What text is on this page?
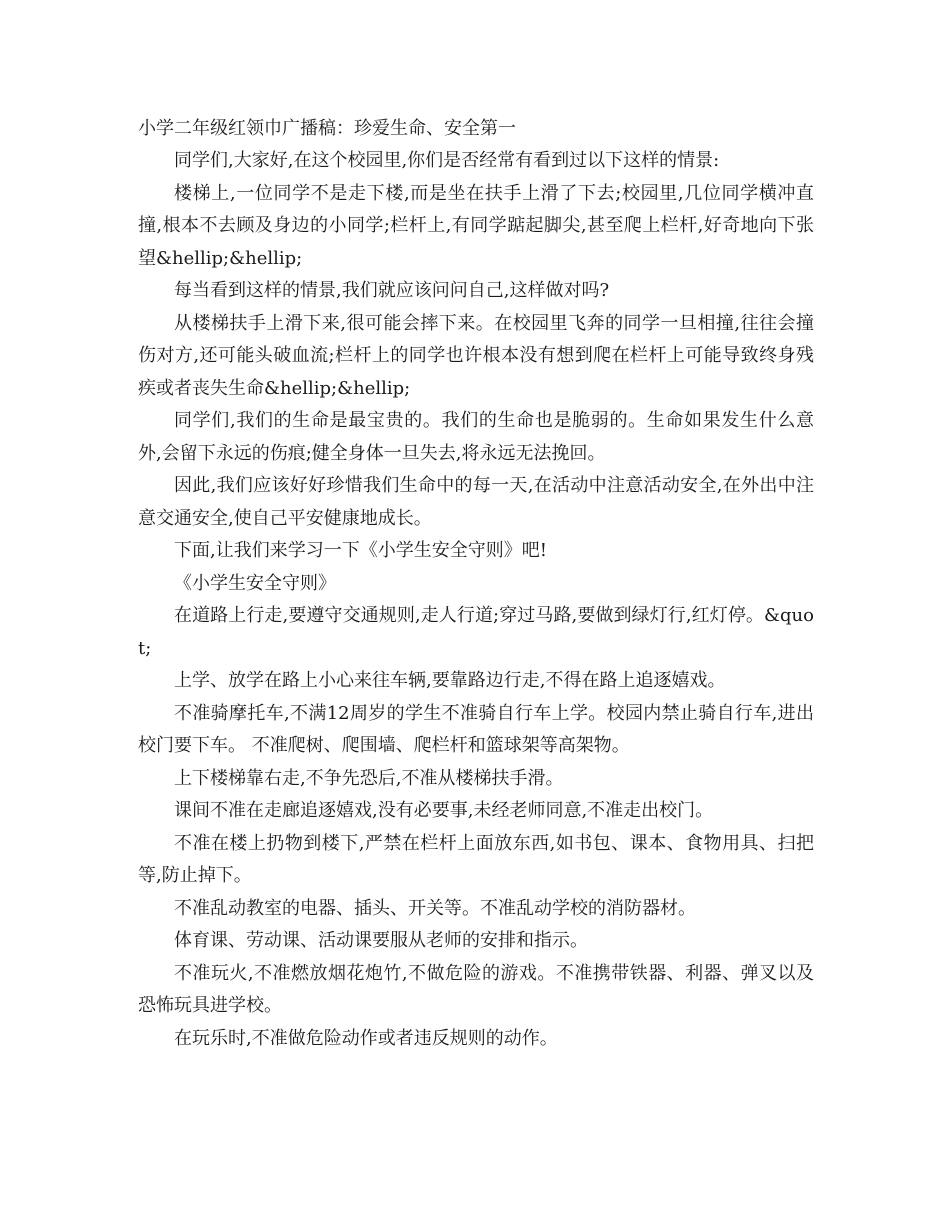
小学二年级红领巾广播稿：珍爱生命、安全第一

同学们,大家好,在这个校园里,你们是否经常有看到过以下这样的情景:

楼梯上,一位同学不是走下楼,而是坐在扶手上滑了下去;校园里,几位同学横冲直撞,根本不去顾及身边的小同学;栏杆上,有同学踮起脚尖,甚至爬上栏杆,好奇地向下张望&hellip;&hellip;

每当看到这样的情景,我们就应该问问自己,这样做对吗?

从楼梯扶手上滑下来,很可能会摔下来。在校园里飞奔的同学一旦相撞,往往会撞伤对方,还可能头破血流;栏杆上的同学也许根本没有想到爬在栏杆上可能导致终身残疾或者丧失生命&hellip;&hellip;

同学们,我们的生命是最宝贵的。我们的生命也是脆弱的。生命如果发生什么意外,会留下永远的伤痕;健全身体一旦失去,将永远无法挽回。

因此,我们应该好好珍惜我们生命中的每一天,在活动中注意活动安全,在外出中注意交通安全,使自己平安健康地成长。

下面,让我们来学习一下《小学生安全守则》吧!

《小学生安全守则》

在道路上行走,要遵守交通规则,走人行道;穿过马路,要做到绿灯行,红灯停。&quot;

上学、放学在路上小心来往车辆,要靠路边行走,不得在路上追逐嬉戏。

不准骑摩托车,不满12周岁的学生不准骑自行车上学。校园内禁止骑自行车,进出校门要下车。 不准爬树、爬围墙、爬栏杆和篮球架等高架物。

上下楼梯靠右走,不争先恐后,不准从楼梯扶手滑。

课间不准在走廊追逐嬉戏,没有必要事,未经老师同意,不准走出校门。

不准在楼上扔物到楼下,严禁在栏杆上面放东西,如书包、课本、食物用具、扫把等,防止掉下。

不准乱动教室的电器、插头、开关等。不准乱动学校的消防器材。

体育课、劳动课、活动课要服从老师的安排和指示。

不准玩火,不准燃放烟花炮竹,不做危险的游戏。不准携带铁器、利器、弹叉以及恐怖玩具进学校。

在玩乐时,不准做危险动作或者违反规则的动作。
